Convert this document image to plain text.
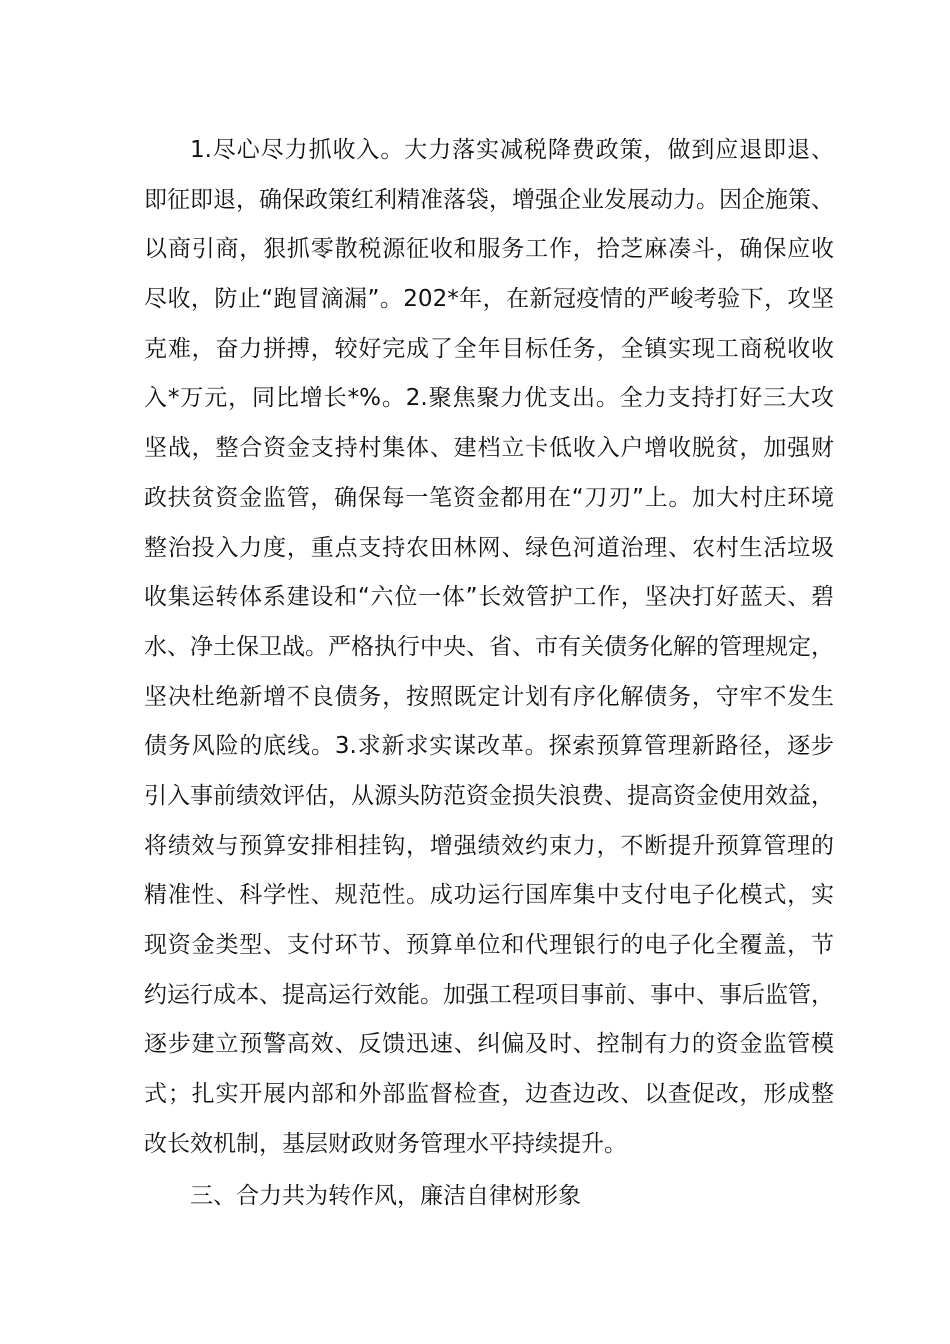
1.尽心尽力抓收入。大力落实减税降费政策，做到应退即退、
即征即退，确保政策红利精准落袋，增强企业发展动力。因企施策、
以商引商，狠抓零散税源征收和服务工作，拾芝麻凑斗，确保应收
尽收，防止“跑冒滴漏”。202*年，在新冠疫情的严峻考验下，攻坚
克难，奋力拼搏，较好完成了全年目标任务，全镇实现工商税收收
入*万元，同比增长*%。2.聚焦聚力优支出。全力支持打好三大攻
坚战，整合资金支持村集体、建档立卡低收入户增收脱贫，加强财
政扶贫资金监管，确保每一笔资金都用在“刀刃”上。加大村庄环境
整治投入力度，重点支持农田林网、绿色河道治理、农村生活垃圾
收集运转体系建设和“六位一体”长效管护工作，坚决打好蓝天、碧
水、净土保卫战。严格执行中央、省、市有关债务化解的管理规定，
坚决杜绝新增不良债务，按照既定计划有序化解债务，守牢不发生
债务风险的底线。3.求新求实谋改革。探索预算管理新路径，逐步
引入事前绩效评估，从源头防范资金损失浪费、提高资金使用效益，
将绩效与预算安排相挂钩，增强绩效约束力，不断提升预算管理的
精准性、科学性、规范性。成功运行国库集中支付电子化模式，实
现资金类型、支付环节、预算单位和代理银行的电子化全覆盖，节
约运行成本、提高运行效能。加强工程项目事前、事中、事后监管，
逐步建立预警高效、反馈迅速、纠偏及时、控制有力的资金监管模
式；扎实开展内部和外部监督检查，边查边改、以查促改，形成整
改长效机制，基层财政财务管理水平持续提升。
三、合力共为转作风，廉洁自律树形象
